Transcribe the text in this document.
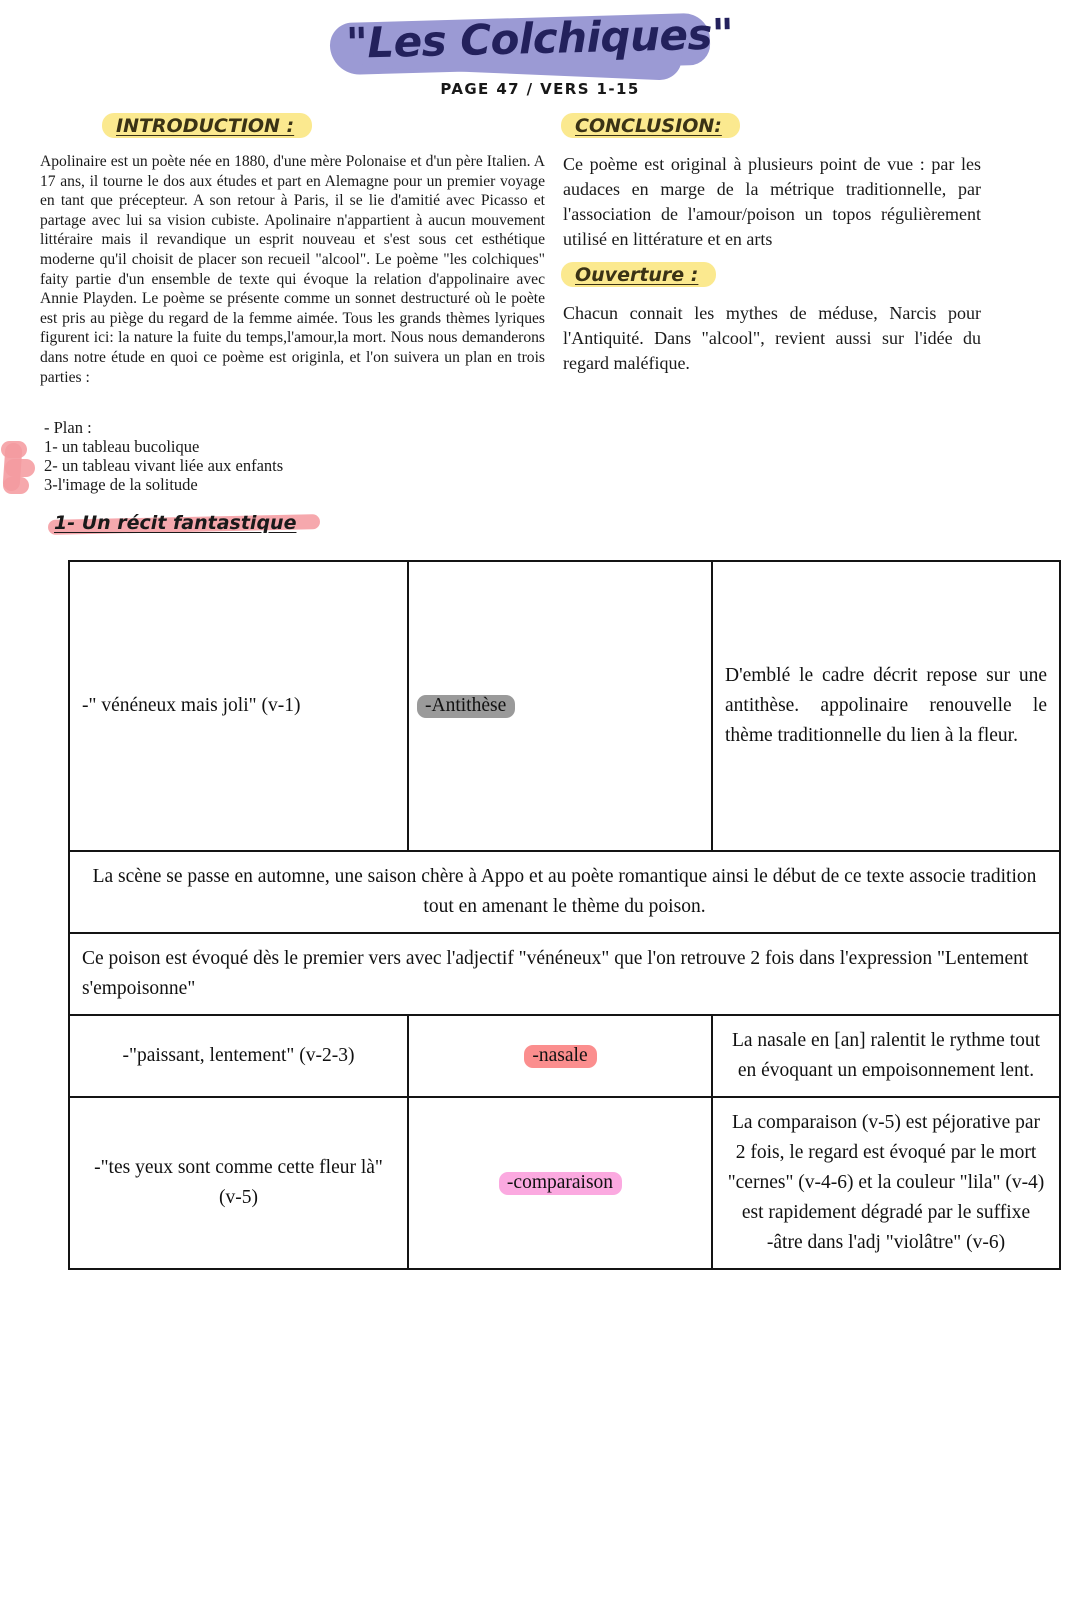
"Les Colchiques"
PAGE 47 / VERS 1-15
INTRODUCTION :
Apolinaire est un poète née en 1880, d'une mère Polonaise et d'un père Italien. A 17 ans, il tourne le dos aux études et part en Alemagne pour un premier voyage en tant que précepteur. A son retour à Paris, il se lie d'amitié avec Picasso et partage avec lui sa vision cubiste. Apolinaire n'appartient à aucun mouvement littéraire mais il revandique un esprit nouveau et s'est sous cet esthétique moderne qu'il choisit de placer son recueil "alcool". Le poème "les colchiques" faity partie d'un ensemble de texte qui évoque la relation d'appolinaire avec Annie Playden. Le poème se présente comme un sonnet destructuré où le poète est pris au piège du regard de la femme aimée. Tous les grands thèmes lyriques figurent ici: la nature la fuite du temps,l'amour,la mort. Nous nous demanderons dans notre étude en quoi ce poème est originla, et l'on suivera un plan en trois parties :
CONCLUSION:
Ce poème est original à plusieurs point de vue : par les audaces en marge de la métrique traditionnelle, par l'association de l'amour/poison un topos régulièrement utilisé en littérature et en arts
Ouverture :
Chacun connait les mythes de méduse, Narcis pour l'Antiquité. Dans "alcool", revient aussi sur l'idée du regard maléfique.
- Plan :
1- un tableau bucolique
2- un tableau vivant liée aux enfants
3-l'image de la solitude
1- Un récit fantastique
-" vénéneux mais joli" (v-1)	-Antithèse	D'emblé le cadre décrit repose sur une antithèse. appolinaire renouvelle le thème traditionnelle du lien à la fleur.
La scène se passe en automne, une saison chère à Appo et au poète romantique ainsi le début de ce texte associe tradition tout en amenant le thème du poison.		
Ce poison est évoqué dès le premier vers avec l'adjectif "vénéneux" que l'on retrouve 2 fois dans l'expression "Lentement s'empoisonne"		
-"paissant, lentement" (v-2-3)	-nasale	La nasale en [an] ralentit le rythme tout en évoquant un empoisonnement lent.
-"tes yeux sont comme cette fleur là" (v-5)	-comparaison	La comparaison (v-5) est péjorative par 2 fois, le regard est évoqué par le mort "cernes" (v-4-6) et la couleur "lila" (v-4) est rapidement dégradé par le suffixe -âtre dans l'adj "violâtre" (v-6)
